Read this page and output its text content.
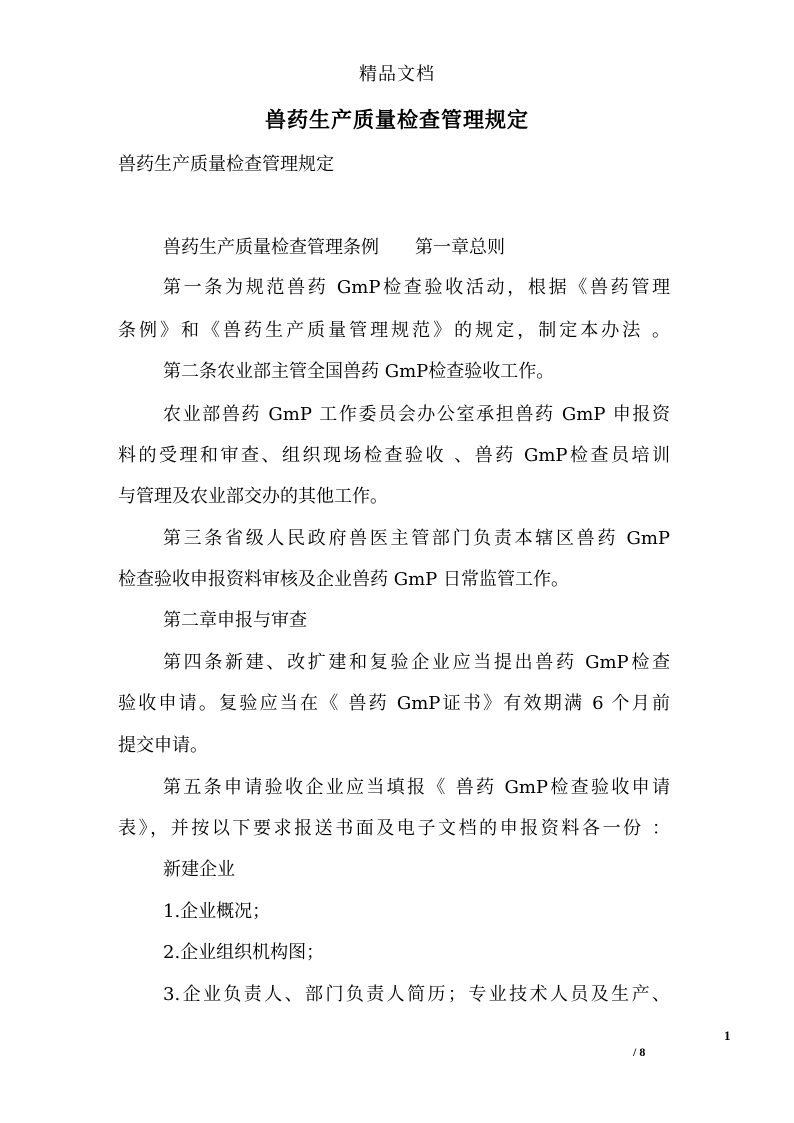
精品文档
兽药生产质量检查管理规定
兽药生产质量检查管理规定
兽药生产质量检查管理条例　　第一章总则
第一条为规范兽药 GmP检查验收活动，根据《兽药管理
条例》和《兽药生产质量管理规范》的规定，制定本办法 。
第二条农业部主管全国兽药 GmP检查验收工作。
农业部兽药 GmP 工作委员会办公室承担兽药 GmP 申报资
料的受理和审查、组织现场检查验收 、兽药 GmP检查员培训
与管理及农业部交办的其他工作。
第三条省级人民政府兽医主管部门负责本辖区兽药 GmP
检查验收申报资料审核及企业兽药 GmP 日常监管工作。
第二章申报与审查
第四条新建、改扩建和复验企业应当提出兽药 GmP检查
验收申请。复验应当在《 兽药 GmP证书》有效期满 6 个月前
提交申请。
第五条申请验收企业应当填报《 兽药 GmP检查验收申请
表》，并按以下要求报送书面及电子文档的申报资料各一份 ：
新建企业
1.企业概况；
2.企业组织机构图；
3.企业负责人、部门负责人简历；专业技术人员及生产、
1
/ 8
